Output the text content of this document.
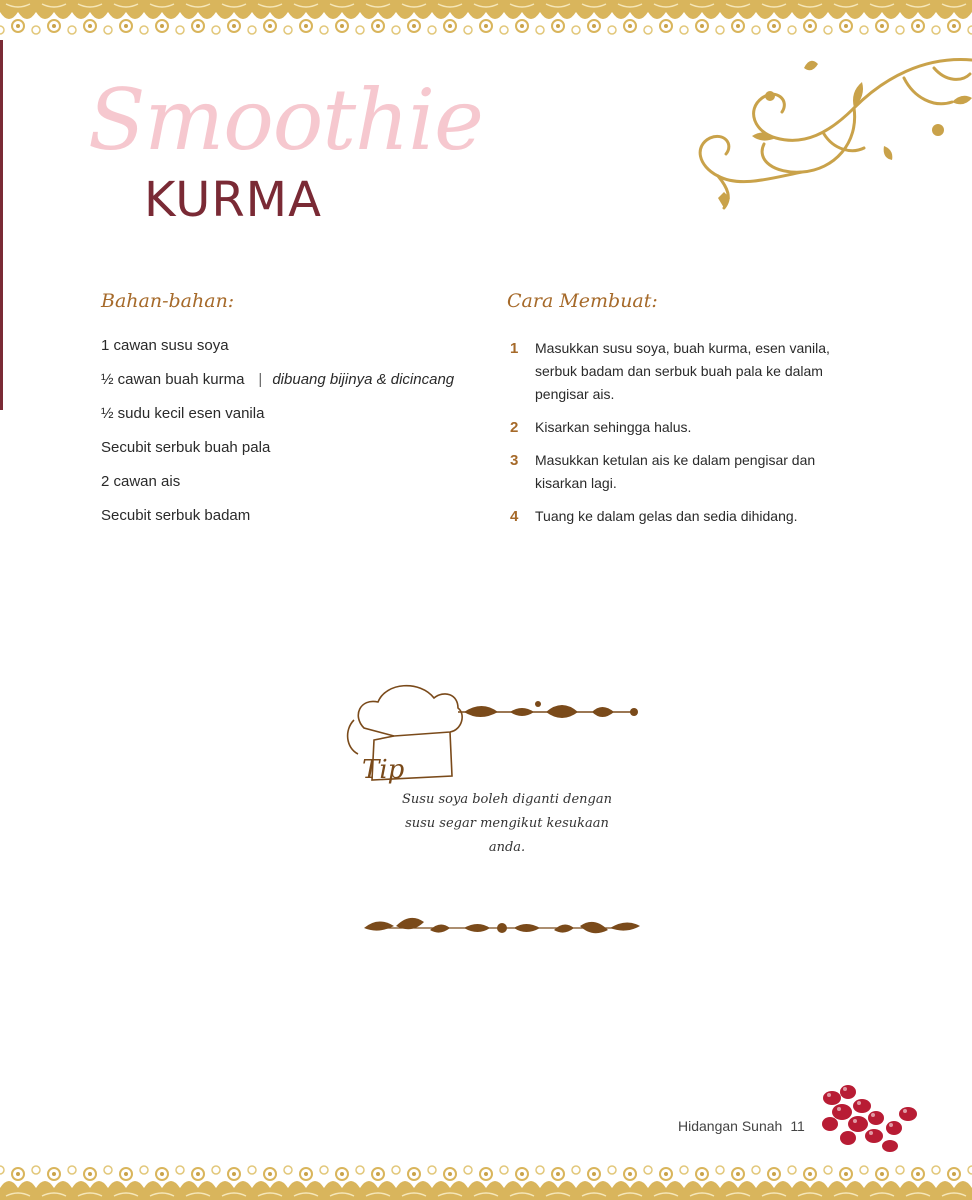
Smoothie
KURMA
Bahan-bahan:
1 cawan susu soya
½ cawan buah kurma | dibuang bijinya & dicincang
½ sudu kecil esen vanila
Secubit serbuk buah pala
2 cawan ais
Secubit serbuk badam
Cara Membuat:
1	Masukkan susu soya, buah kurma, esen vanila, serbuk badam dan serbuk buah pala ke dalam pengisar ais.
2	Kisarkan sehingga halus.
3	Masukkan ketulan ais ke dalam pengisar dan kisarkan lagi.
4	Tuang ke dalam gelas dan sedia dihidang.
Tip
Susu soya boleh diganti dengan susu segar mengikut kesukaan anda.
Hidangan Sunah 11
